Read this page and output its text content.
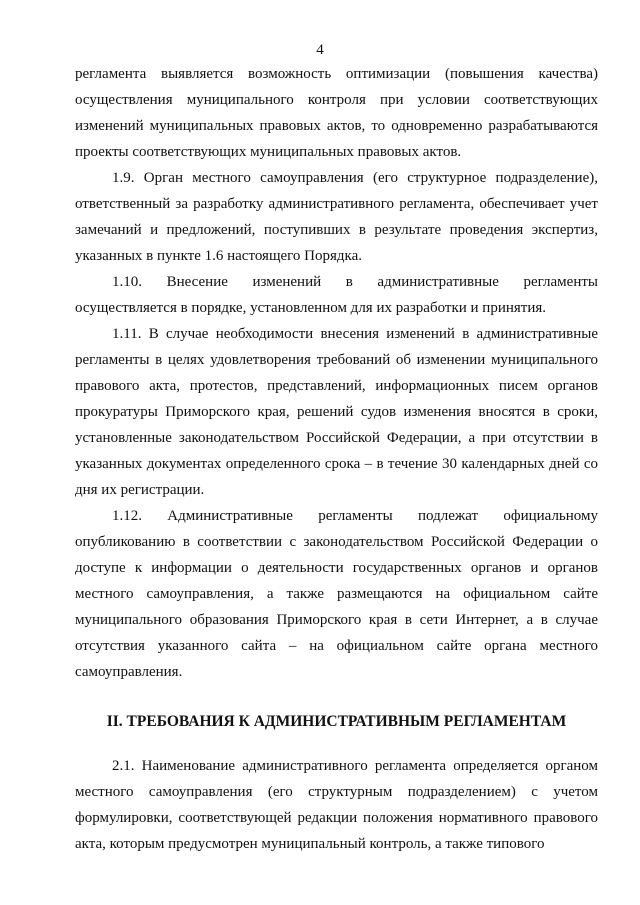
4

регламента выявляется возможность оптимизации (повышения качества) осуществления муниципального контроля при условии соответствующих изменений муниципальных правовых актов, то одновременно разрабатываются проекты соответствующих муниципальных правовых актов.

1.9. Орган местного самоуправления (его структурное подразделение), ответственный за разработку административного регламента, обеспечивает учет замечаний и предложений, поступивших в результате проведения экспертиз, указанных в пункте 1.6 настоящего Порядка.

1.10. Внесение изменений в административные регламенты осуществляется в порядке, установленном для их разработки и принятия.

1.11. В случае необходимости внесения изменений в административные регламенты в целях удовлетворения требований об изменении муниципального правового акта, протестов, представлений, информационных писем органов прокуратуры Приморского края, решений судов изменения вносятся в сроки, установленные законодательством Российской Федерации, а при отсутствии в указанных документах определенного срока – в течение 30 календарных дней со дня их регистрации.

1.12. Административные регламенты подлежат официальному опубликованию в соответствии с законодательством Российской Федерации о доступе к информации о деятельности государственных органов и органов местного самоуправления, а также размещаются на официальном сайте муниципального образования Приморского края в сети Интернет, а в случае отсутствия указанного сайта – на официальном сайте органа местного самоуправления.

II. ТРЕБОВАНИЯ К АДМИНИСТРАТИВНЫМ РЕГЛАМЕНТАМ

2.1. Наименование административного регламента определяется органом местного самоуправления (его структурным подразделением) с учетом формулировки, соответствующей редакции положения нормативного правового акта, которым предусмотрен муниципальный контроль, а также типового
